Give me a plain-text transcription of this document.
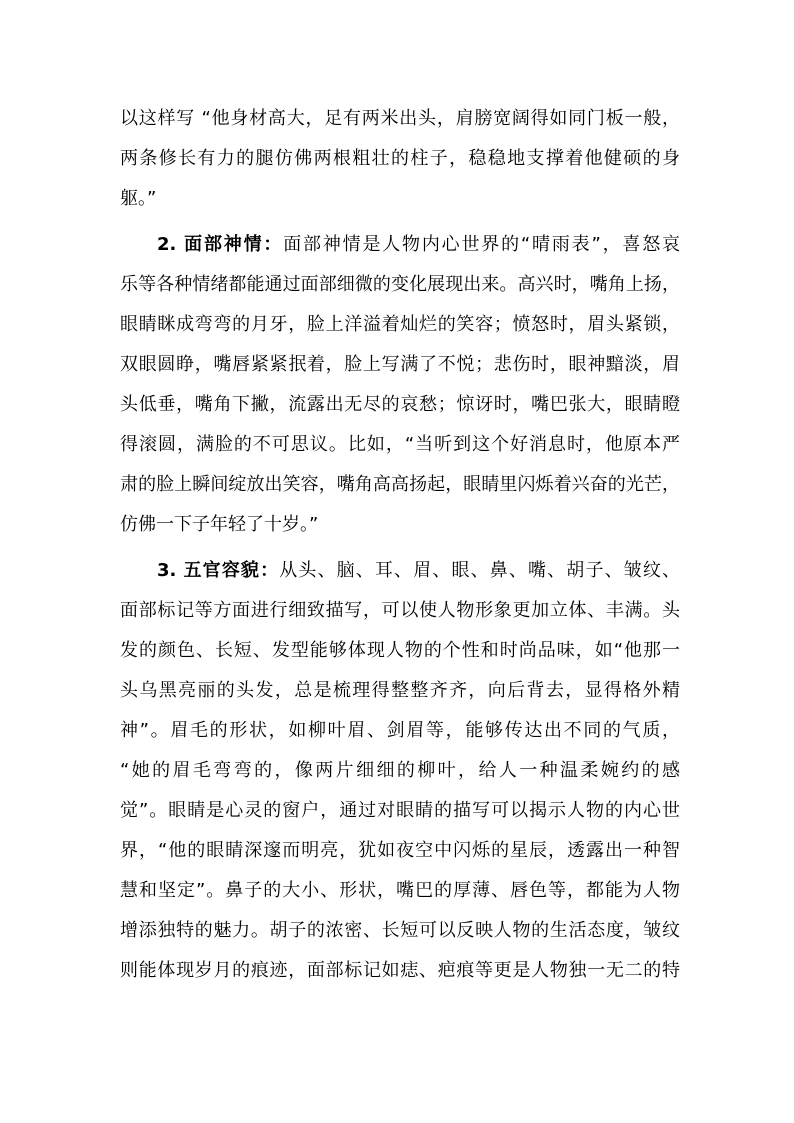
以这样写 “他身材高大，足有两米出头，肩膀宽阔得如同门板一般，
两条修长有力的腿仿佛两根粗壮的柱子，稳稳地支撑着他健硕的身
躯。”
2. 面部神情：面部神情是人物内心世界的“晴雨表”，喜怒哀
乐等各种情绪都能通过面部细微的变化展现出来。高兴时，嘴角上扬，
眼睛眯成弯弯的月牙，脸上洋溢着灿烂的笑容；愤怒时，眉头紧锁，
双眼圆睁，嘴唇紧紧抿着，脸上写满了不悦；悲伤时，眼神黯淡，眉
头低垂，嘴角下撇，流露出无尽的哀愁；惊讶时，嘴巴张大，眼睛瞪
得滚圆，满脸的不可思议。比如，“当听到这个好消息时，他原本严
肃的脸上瞬间绽放出笑容，嘴角高高扬起，眼睛里闪烁着兴奋的光芒，
仿佛一下子年轻了十岁。”
3. 五官容貌：从头、脑、耳、眉、眼、鼻、嘴、胡子、皱纹、
面部标记等方面进行细致描写，可以使人物形象更加立体、丰满。头
发的颜色、长短、发型能够体现人物的个性和时尚品味，如“他那一
头乌黑亮丽的头发，总是梳理得整整齐齐，向后背去，显得格外精
神”。眉毛的形状，如柳叶眉、剑眉等，能够传达出不同的气质，
“她的眉毛弯弯的，像两片细细的柳叶，给人一种温柔婉约的感
觉”。眼睛是心灵的窗户，通过对眼睛的描写可以揭示人物的内心世
界，“他的眼睛深邃而明亮，犹如夜空中闪烁的星辰，透露出一种智
慧和坚定”。鼻子的大小、形状，嘴巴的厚薄、唇色等，都能为人物
增添独特的魅力。胡子的浓密、长短可以反映人物的生活态度，皱纹
则能体现岁月的痕迹，面部标记如痣、疤痕等更是人物独一无二的特
